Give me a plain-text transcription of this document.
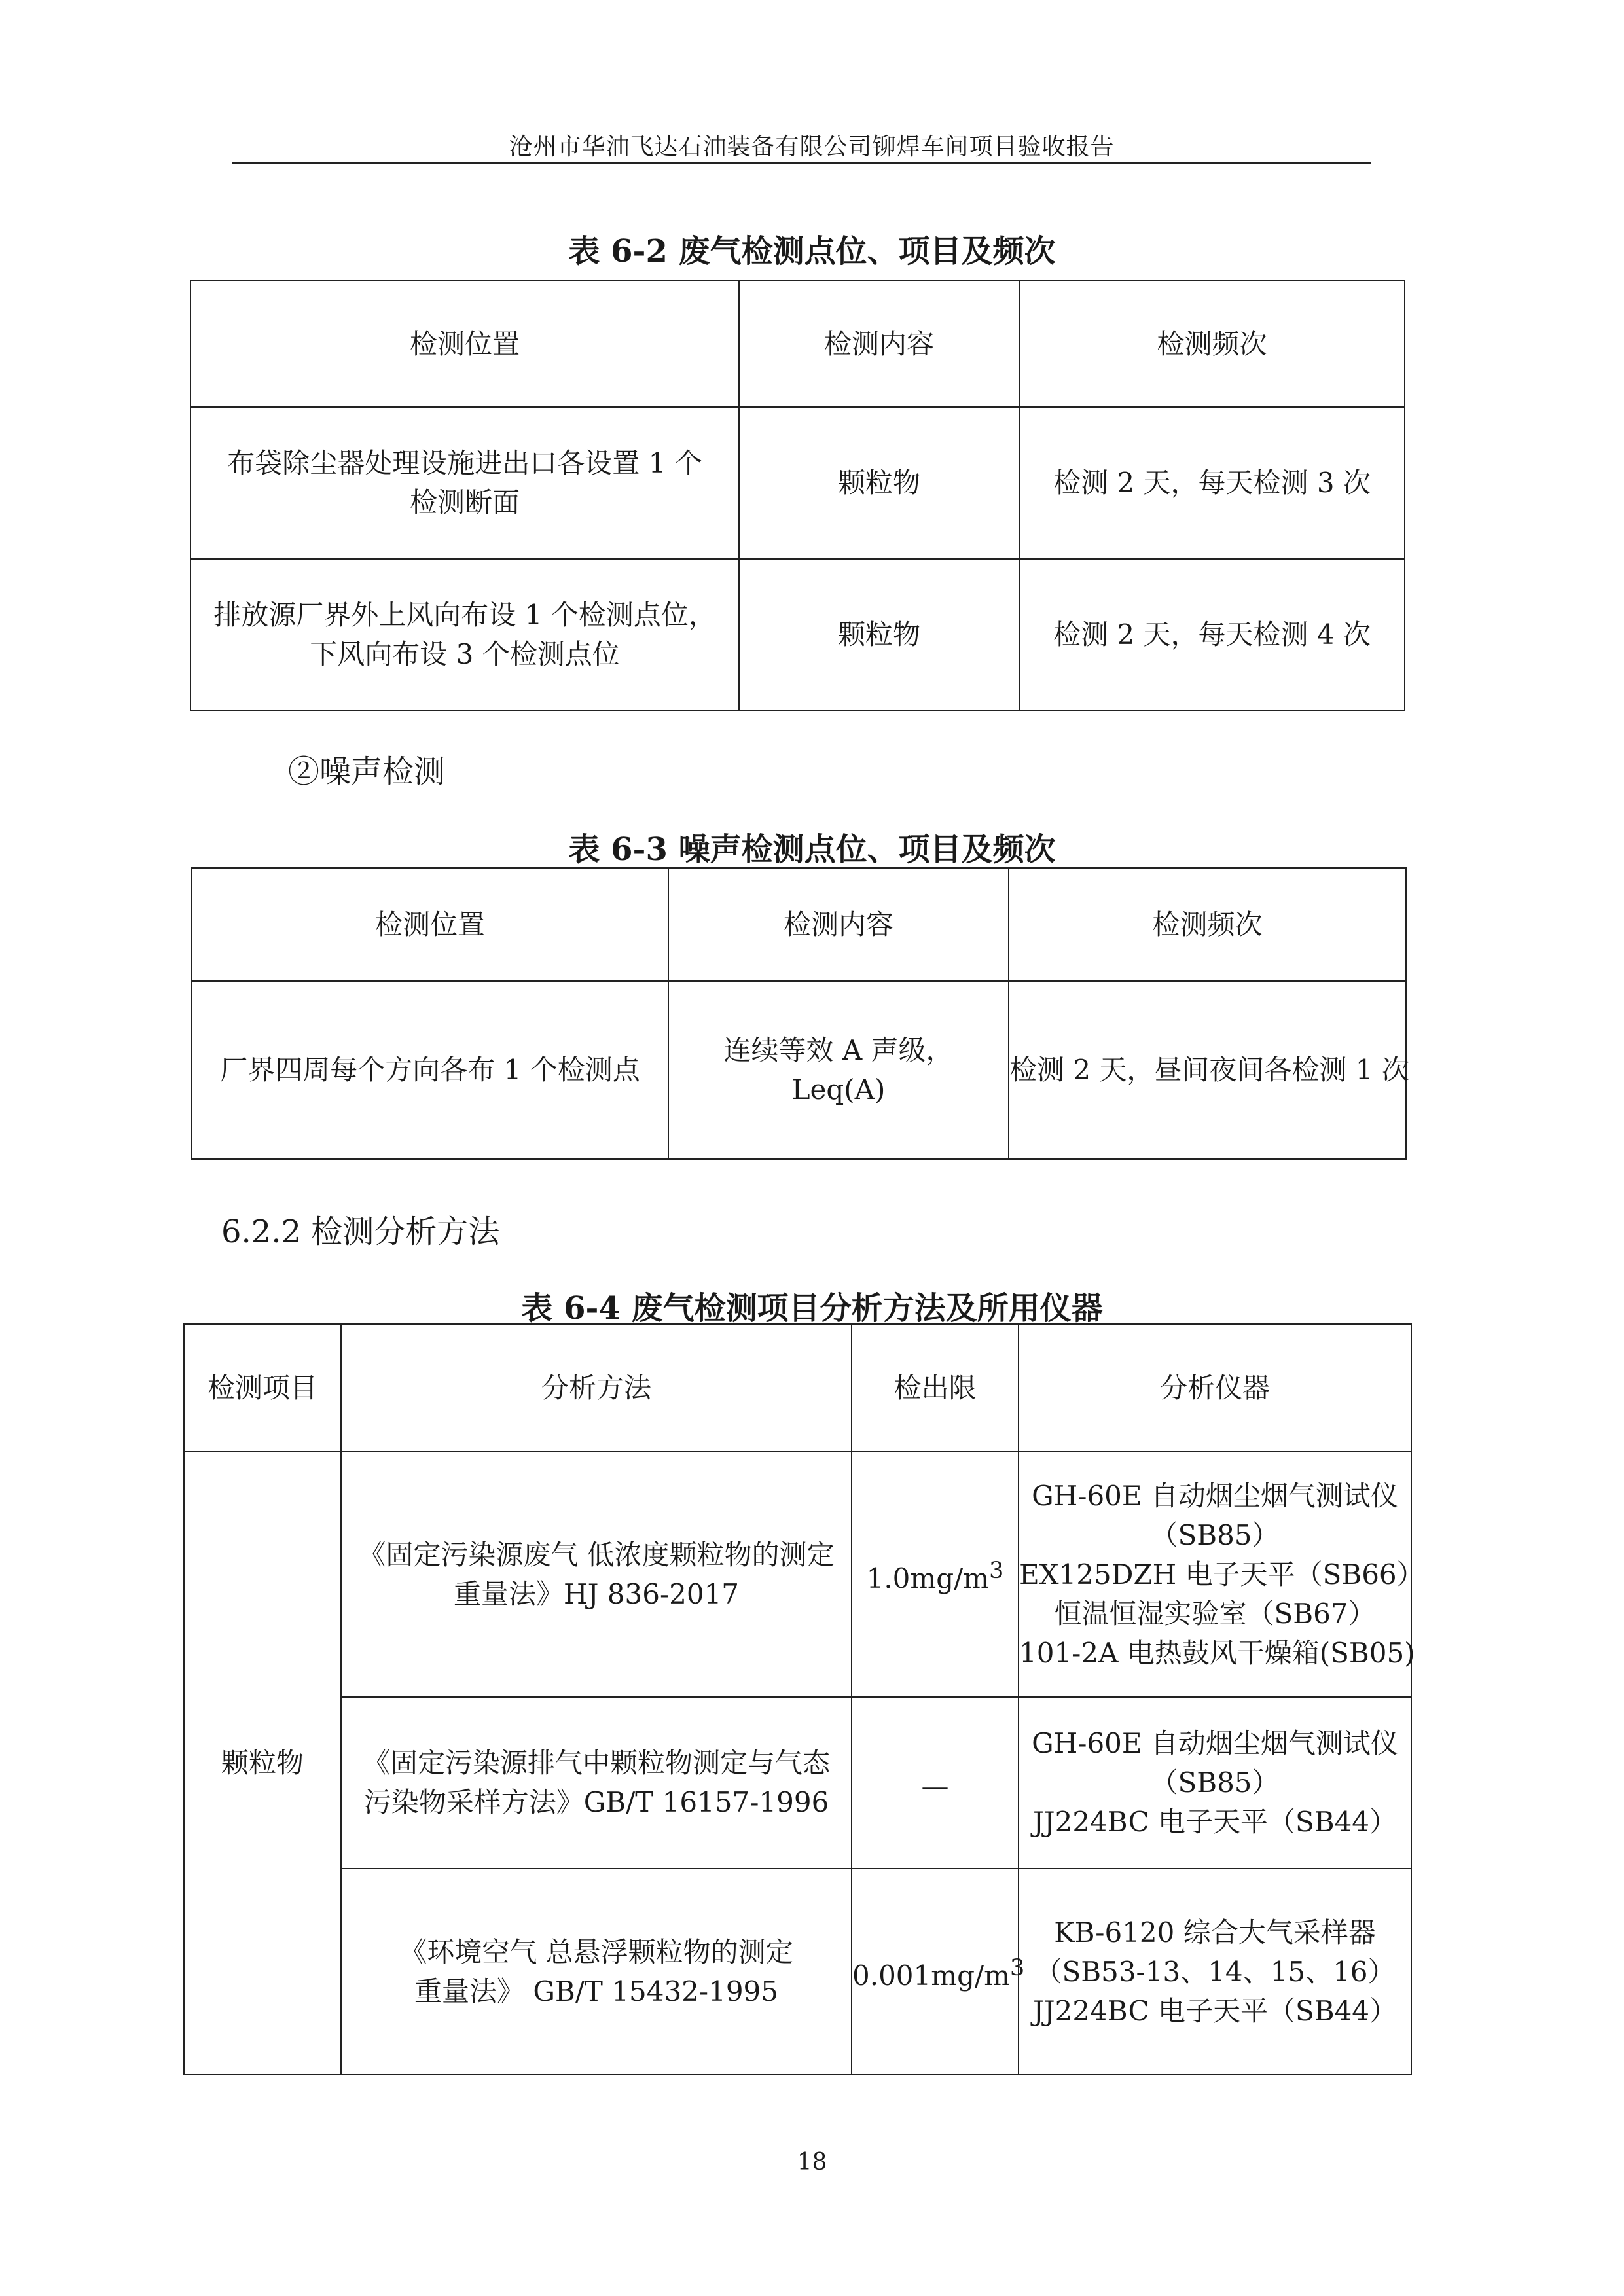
沧州市华油飞达石油装备有限公司铆焊车间项目验收报告
表 6-2 废气检测点位、项目及频次
检测位置	检测内容	检测频次

布袋除尘器处理设施进出口各设置 1 个
检测断面	颗粒物	检测 2 天，每天检测 3 次

排放源厂界外上风向布设 1 个检测点位，
下风向布设 3 个检测点位	颗粒物	检测 2 天，每天检测 4 次
②噪声检测
表 6-3 噪声检测点位、项目及频次
检测位置	检测内容	检测频次
厂界四周每个方向各布 1 个检测点	连续等效 A 声级，
Leq(A)	检测 2 天，昼间夜间各检测 1 次
6.2.2 检测分析方法
表 6-4 废气检测项目分析方法及所用仪器
检测项目	分析方法	检出限	分析仪器
颗粒物	《固定污染源废气 低浓度颗粒物的测定
重量法》HJ 836-2017	$1.0mg/m^3$	GH-60E 自动烟尘烟气测试仪
（SB85）
EX125DZH 电子天平（SB66）
恒温恒湿实验室（SB67）
101-2A 电热鼓风干燥箱(SB05)

	《固定污染源排气中颗粒物测定与气态
污染物采样方法》GB/T 16157-1996	—	GH-60E 自动烟尘烟气测试仪
（SB85）
JJ224BC 电子天平（SB44）

	《环境空气 总悬浮颗粒物的测定
重量法》 GB/T 15432-1995	$0.001mg/m^3$	KB-6120 综合大气采样器
（SB53-13、14、15、16）
JJ224BC 电子天平（SB44）
18
